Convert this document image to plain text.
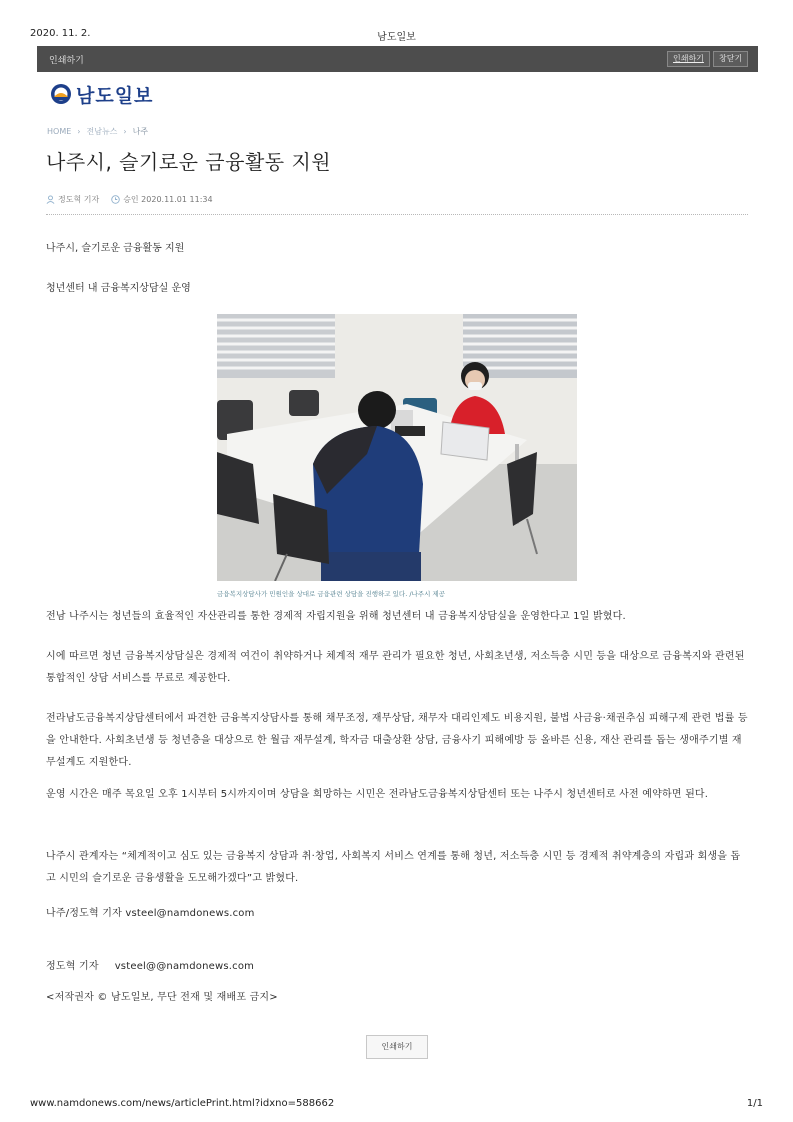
2020. 11. 2.	남도일보
인쇄하기	인쇄하기	창닫기
남도일보
HOME › 전남뉴스 › 나주
나주시, 슬기로운 금융활동 지원
정도혁 기자	승인 2020.11.01 11:34

나주시, 슬기로운 금융활동 지원

청년센터 내 금융복지상담실 운영

금융복지상담사가 민원인을 상대로 금융관련 상담을 진행하고 있다. /나주시 제공

전남 나주시는 청년들의 효율적인 자산관리를 통한 경제적 자립지원을 위해 청년센터 내 금융복지상담실을 운영한다고 1일 밝혔다.

시에 따르면 청년 금융복지상담실은 경제적 여건이 취약하거나 체계적 재무 관리가 필요한 청년, 사회초년생, 저소득층 시민 등을 대상으로 금융복지와 관련된 통합적인 상담 서비스를 무료로 제공한다.

전라남도금융복지상담센터에서 파견한 금융복지상담사를 통해 채무조정, 재무상담, 채무자 대리인제도 비용지원, 불법 사금융·채권추심 피해구제 관련 법률 등을 안내한다. 사회초년생 등 청년층을 대상으로 한 월급 재무설계, 학자금 대출상환 상담, 금융사기 피해예방 등 올바른 신용, 재산 관리를 돕는 생애주기별 재무설계도 지원한다.

운영 시간은 매주 목요일 오후 1시부터 5시까지이며 상담을 희망하는 시민은 전라남도금융복지상담센터 또는 나주시 청년센터로 사전 예약하면 된다.

나주시 관계자는 “체계적이고 심도 있는 금융복지 상담과 취·창업, 사회복지 서비스 연계를 통해 청년, 저소득층 시민 등 경제적 취약계층의 자립과 회생을 돕고 시민의 슬기로운 금융생활을 도모해가겠다”고 밝혔다.

나주/정도혁 기자 vsteel@namdonews.com

정도혁 기자 vsteel@@namdonews.com

<저작권자 © 남도일보, 무단 전재 및 재배포 금지>

인쇄하기
www.namdonews.com/news/articlePrint.html?idxno=588662	1/1
